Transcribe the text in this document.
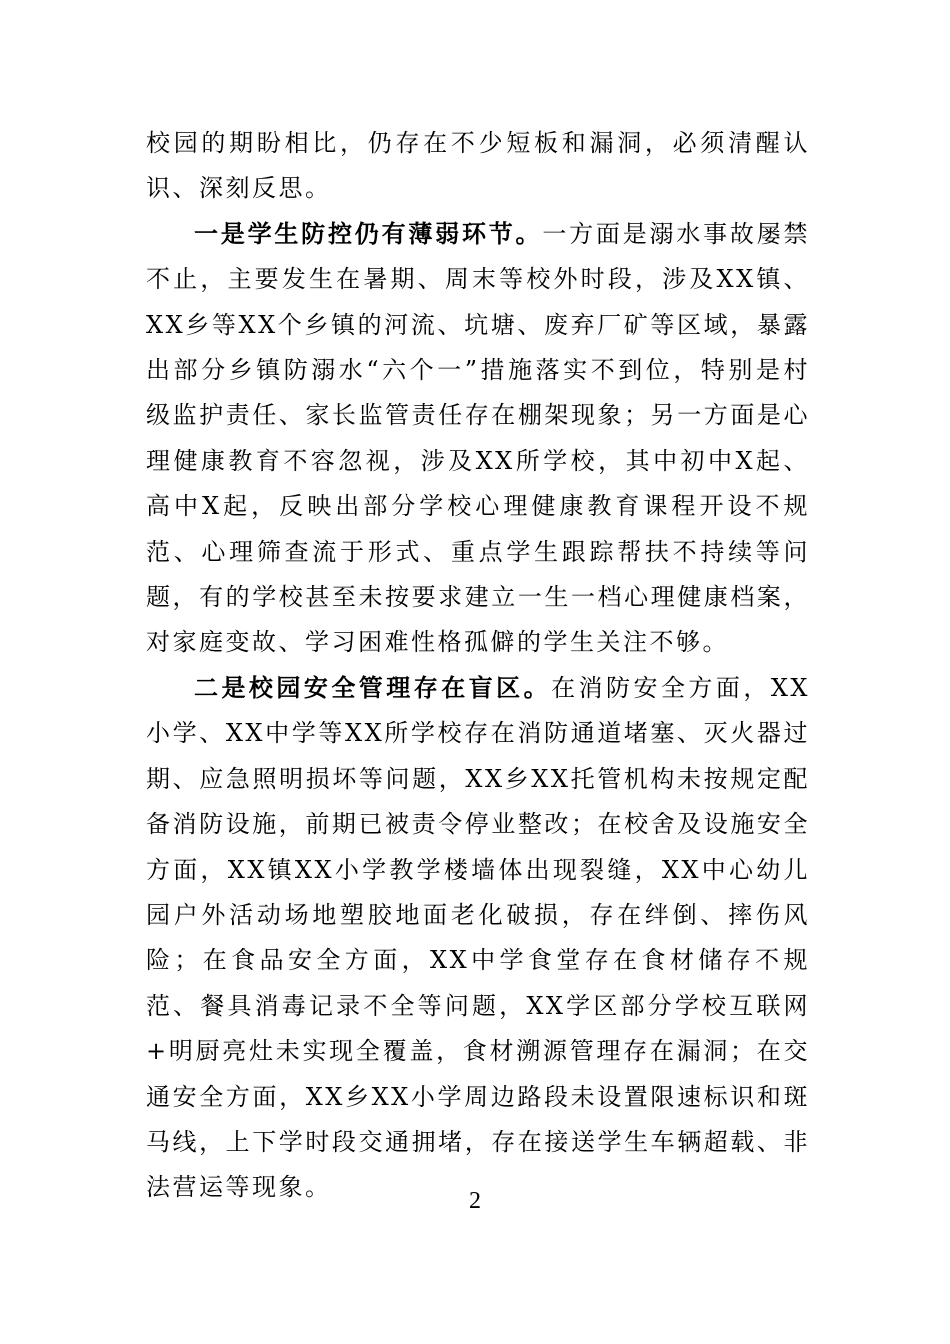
校园的期盼相比，仍存在不少短板和漏洞，必须清醒认识、深刻反思。

一是学生防控仍有薄弱环节。一方面是溺水事故屡禁不止，主要发生在暑期、周末等校外时段，涉及XX镇、XX乡等XX个乡镇的河流、坑塘、废弃厂矿等区域，暴露出部分乡镇防溺水“六个一”措施落实不到位，特别是村级监护责任、家长监管责任存在棚架现象；另一方面是心理健康教育不容忽视，涉及XX所学校，其中初中X起、高中X起，反映出部分学校心理健康教育课程开设不规范、心理筛查流于形式、重点学生跟踪帮扶不持续等问题，有的学校甚至未按要求建立一生一档心理健康档案，对家庭变故、学习困难性格孤僻的学生关注不够。

二是校园安全管理存在盲区。在消防安全方面，XX小学、XX中学等XX所学校存在消防通道堵塞、灭火器过期、应急照明损坏等问题，XX乡XX托管机构未按规定配备消防设施，前期已被责令停业整改；在校舍及设施安全方面，XX镇XX小学教学楼墙体出现裂缝，XX中心幼儿园户外活动场地塑胶地面老化破损，存在绊倒、摔伤风险；在食品安全方面，XX中学食堂存在食材储存不规范、餐具消毒记录不全等问题，XX学区部分学校互联网+明厨亮灶未实现全覆盖，食材溯源管理存在漏洞；在交通安全方面，XX乡XX小学周边路段未设置限速标识和斑马线，上下学时段交通拥堵，存在接送学生车辆超载、非法营运等现象。	2
